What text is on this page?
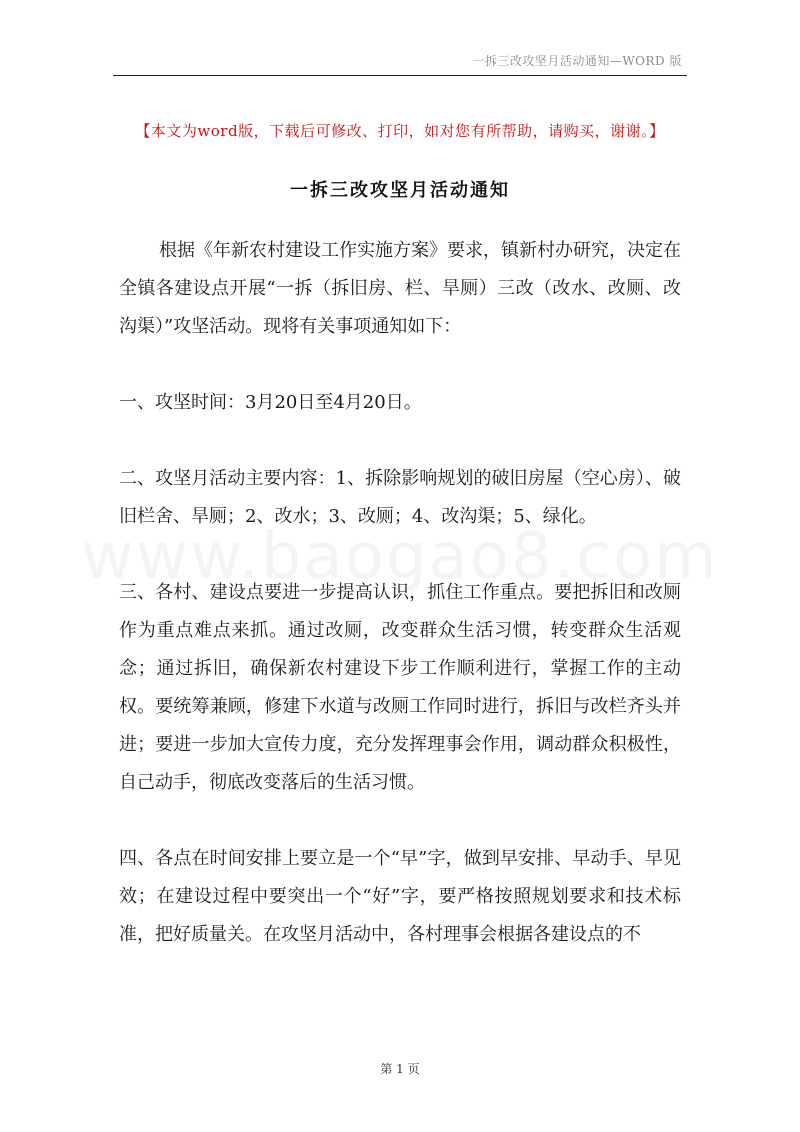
一拆三改攻坚月活动通知—WORD 版
【本文为word版，下载后可修改、打印，如对您有所帮助，请购买，谢谢。】
一拆三改攻坚月活动通知

根据《年新农村建设工作实施方案》要求，镇新村办研究，决定在全镇各建设点开展“一拆（拆旧房、栏、旱厕）三改（改水、改厕、改沟渠）”攻坚活动。现将有关事项通知如下：

一、攻坚时间：3月20日至4月20日。

二、攻坚月活动主要内容：1、拆除影响规划的破旧房屋（空心房）、破旧栏舍、旱厕；2、改水；3、改厕；4、改沟渠；5、绿化。

三、各村、建设点要进一步提高认识，抓住工作重点。要把拆旧和改厕作为重点难点来抓。通过改厕，改变群众生活习惯，转变群众生活观念；通过拆旧，确保新农村建设下步工作顺利进行，掌握工作的主动权。要统筹兼顾，修建下水道与改厕工作同时进行，拆旧与改栏齐头并进；要进一步加大宣传力度，充分发挥理事会作用，调动群众积极性，自己动手，彻底改变落后的生活习惯。

四、各点在时间安排上要立是一个“早”字，做到早安排、早动手、早见效；在建设过程中要突出一个“好”字，要严格按照规划要求和技术标准，把好质量关。在攻坚月活动中，各村理事会根据各建设点的不

第 1 页
